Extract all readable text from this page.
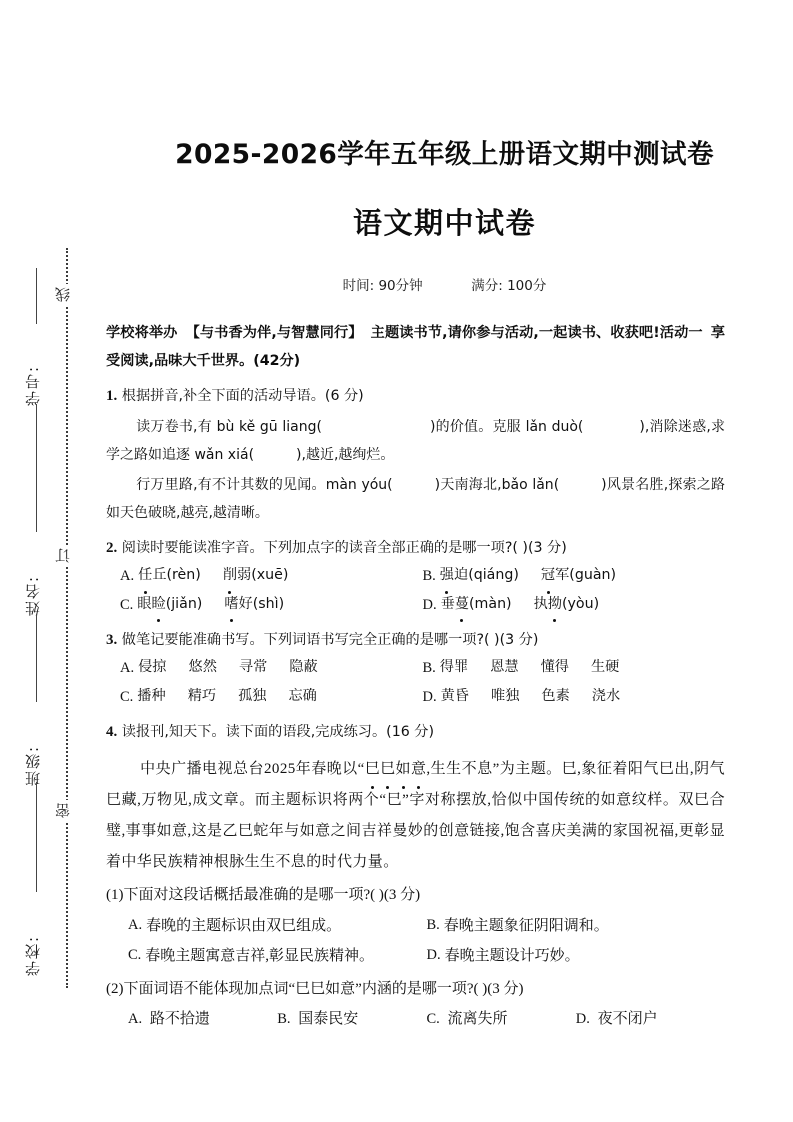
线
订
密
学号:
姓名:
班级:
学校:
2025-2026学年五年级上册语文期中测试卷
语文期中试卷

时间: 90分钟	满分: 100分

学校将举办 【与书香为伴,与智慧同行】 主题读书节,请你参与活动,一起读书、收获吧!活动一 享受阅读,品味大千世界。(42分)

1. 根据拼音,补全下面的活动导语。(6 分)

读万卷书,有 bù kě gū liang(	)的价值。克服 lǎn duò(	),消除迷惑,求学之路如追逐 wǎn xiá(	),越近,越绚烂。

行万里路,有不计其数的见闻。màn yóu(	)天南海北,bǎo lǎn(	)风景名胜,探索之路如天色破晓,越亮,越清晰。

2. 阅读时要能读准字音。下列加点字的读音全部正确的是哪一项?( )(3 分)

A. 任丘(rèn) 削弱(xuē)	B. 强迫(qiáng) 冠军(guàn)
C. 眼睑(jiǎn) 嗜好(shì)	D. 垂蔓(màn) 执拗(yòu)

3. 做笔记要能准确书写。下列词语书写完全正确的是哪一项?( )(3 分)

A. 侵掠 悠然 寻常 隐蔽	B. 得罪 恩慧 懂得 生硬
C. 播种 精巧 孤独 忘确	D. 黄昏 唯独 色素 浇水

4. 读报刊,知天下。读下面的语段,完成练习。(16 分)

中央广播电视总台2025年春晚以“巳巳如意,生生不息”为主题。巳,象征着阳气巳出,阴气巳藏,万物见,成文章。而主题标识将两个“巳”字对称摆放,恰似中国传统的如意纹样。双巳合璧,事事如意,这是乙巳蛇年与如意之间吉祥曼妙的创意链接,饱含喜庆美满的家国祝福,更彰显着中华民族精神根脉生生不息的时代力量。

(1)下面对这段话概括最准确的是哪一项?( )(3 分)

A. 春晚的主题标识由双巳组成。	B. 春晚主题象征阴阳调和。
C. 春晚主题寓意吉祥,彰显民族精神。	D. 春晚主题设计巧妙。

(2)下面词语不能体现加点词“巳巳如意”内涵的是哪一项?( )(3 分)

A. 路不拾遗	B. 国泰民安	C. 流离失所	D. 夜不闭户
